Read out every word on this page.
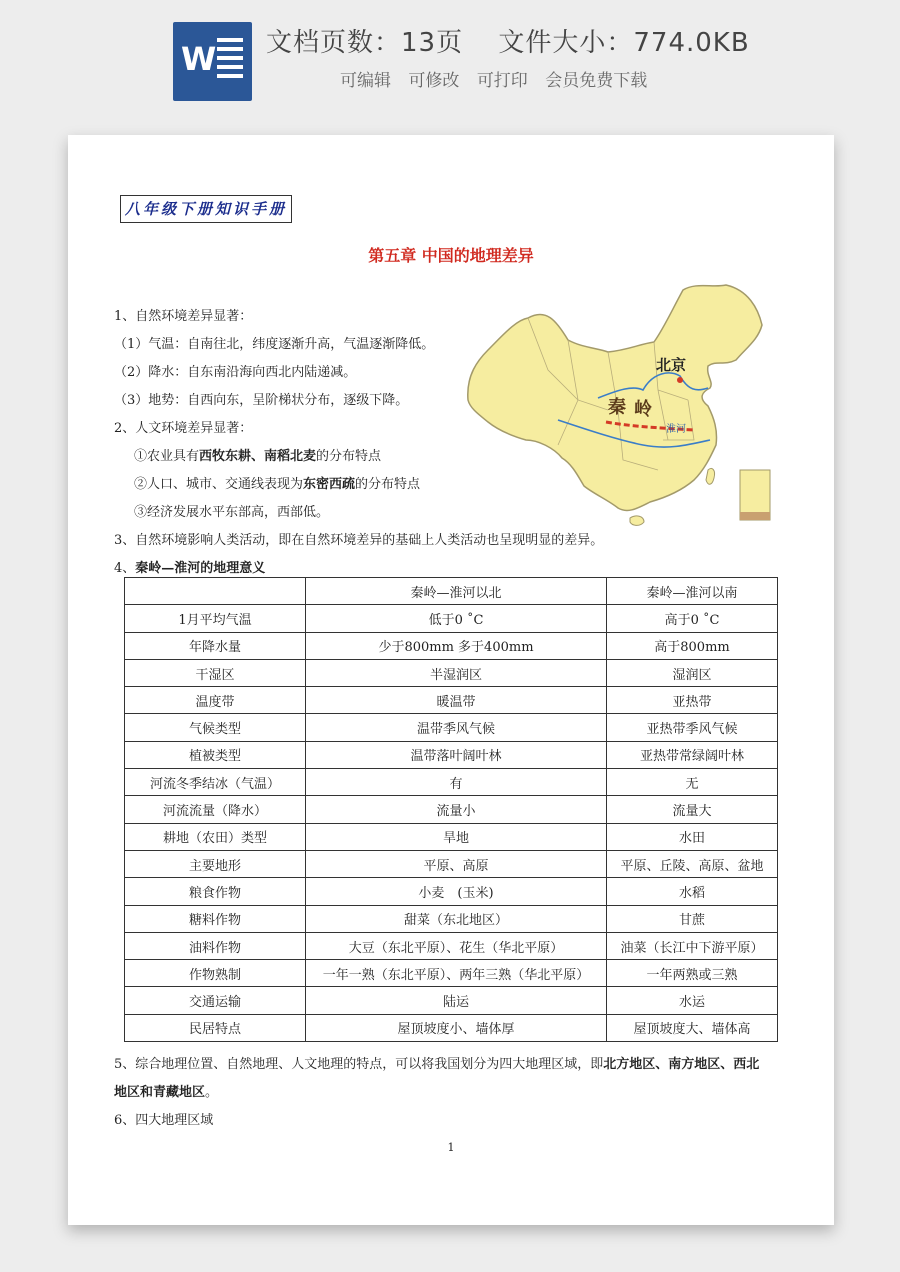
W 文档页数：13页 文件大小：774.0KB
可编辑 可修改 可打印 会员免费下载
八年级下册知识手册
第五章 中国的地理差异
1、自然环境差异显著：
（1）气温：自南往北，纬度逐渐升高，气温逐渐降低。
（2）降水：自东南沿海向西北内陆递减。
（3）地势：自西向东，呈阶梯状分布，逐级下降。
2、人文环境差异显著：
①农业具有西牧东耕、南稻北麦的分布特点
②人口、城市、交通线表现为东密西疏的分布特点
③经济发展水平东部高，西部低。
3、自然环境影响人类活动，即在自然环境差异的基础上人类活动也呈现明显的差异。
4、秦岭—淮河的地理意义
北京
秦 岭
淮河
	秦岭—淮河以北	秦岭—淮河以南
1月平均气温	低于0 ˚C	高于0 ˚C
年降水量	少于800mm 多于400mm	高于800mm
干湿区	半湿润区	湿润区
温度带	暖温带	亚热带
气候类型	温带季风气候	亚热带季风气候
植被类型	温带落叶阔叶林	亚热带常绿阔叶林
河流冬季结冰（气温）	有	无
河流流量（降水）	流量小	流量大
耕地（农田）类型	旱地	水田
主要地形	平原、高原	平原、丘陵、高原、盆地
粮食作物	小麦　(玉米)	水稻
糖料作物	甜菜（东北地区）	甘蔗
油料作物	大豆（东北平原）、花生（华北平原）	油菜（长江中下游平原）
作物熟制	一年一熟（东北平原）、两年三熟（华北平原）	一年两熟或三熟
交通运输	陆运	水运
民居特点	屋顶坡度小、墙体厚	屋顶坡度大、墙体高
5、综合地理位置、自然地理、人文地理的特点，可以将我国划分为四大地理区域，即北方地区、南方地区、西北
地区和青藏地区。
6、四大地理区域
1
